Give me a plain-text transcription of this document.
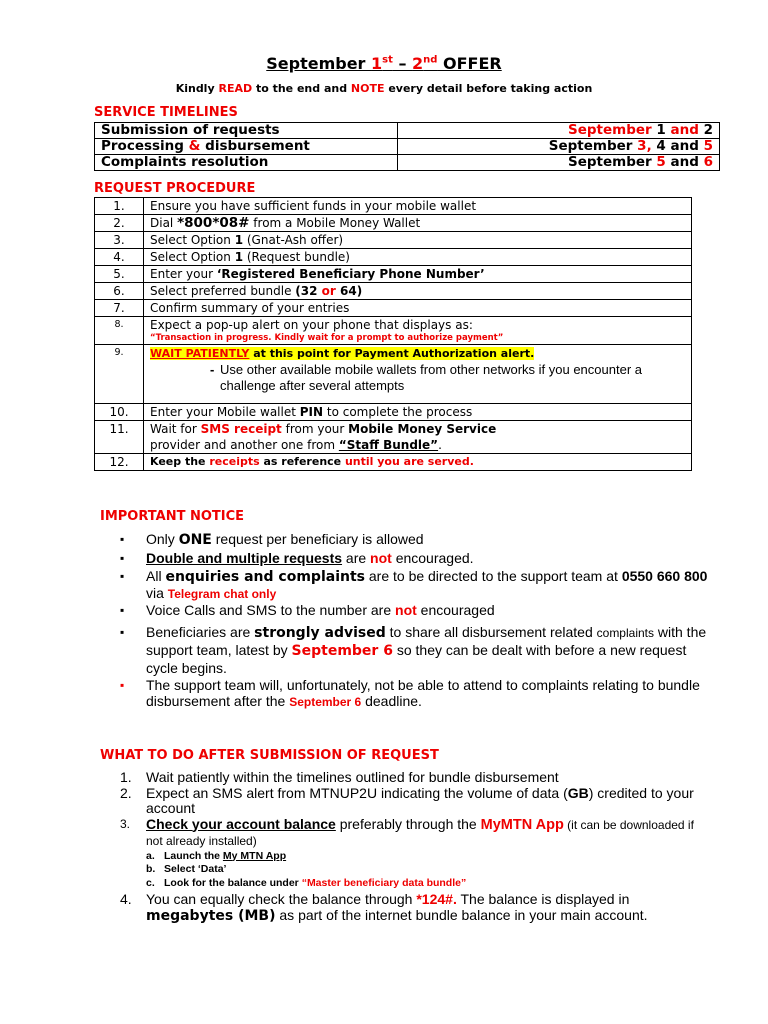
September 1st – 2nd OFFER
Kindly READ to the end and NOTE every detail before taking action
SERVICE TIMELINES
Submission of requests	September 1 and 2
Processing & disbursement	September 3, 4 and 5
Complaints resolution	September 5 and 6
REQUEST PROCEDURE
1.	Ensure you have sufficient funds in your mobile wallet
2.	Dial *800*08# from a Mobile Money Wallet
3.	Select Option 1 (Gnat-Ash offer)
4.	Select Option 1 (Request bundle)
5.	Enter your ‘Registered Beneficiary Phone Number’
6.	Select preferred bundle (32 or 64)
7.	Confirm summary of your entries
8.	Expect a pop-up alert on your phone that displays as:
“Transaction in progress. Kindly wait for a prompt to authorize payment”

9.	WAIT PATIENTLY at this point for Payment Authorization alert.
- Use other available mobile wallets from other networks if you encounter a challenge after several attempts

10.	Enter your Mobile wallet PIN to complete the process
11.	Wait for SMS receipt from your Mobile Money Service
provider and another one from “Staff Bundle”.
12.	Keep the receipts as reference until you are served.
IMPORTANT NOTICE
▪ Only ONE request per beneficiary is allowed
▪ Double and multiple requests are not encouraged.
▪ All enquiries and complaints are to be directed to the support team at 0550 660 800 via Telegram chat only
▪ Voice Calls and SMS to the number are not encouraged
▪ Beneficiaries are strongly advised to share all disbursement related complaints with the support team, latest by September 6 so they can be dealt with before a new request cycle begins.
▪ The support team will, unfortunately, not be able to attend to complaints relating to bundle disbursement after the September 6 deadline.
WHAT TO DO AFTER SUBMISSION OF REQUEST
1. Wait patiently within the timelines outlined for bundle disbursement
2. Expect an SMS alert from MTNUP2U indicating the volume of data (GB) credited to your account
3. Check your account balance preferably through the MyMTN App (it can be downloaded if not already installed)
a. Launch the My MTN App
b. Select ‘Data’
c. Look for the balance under “Master beneficiary data bundle”
4. You can equally check the balance through *124#. The balance is displayed in megabytes (MB) as part of the internet bundle balance in your main account.
